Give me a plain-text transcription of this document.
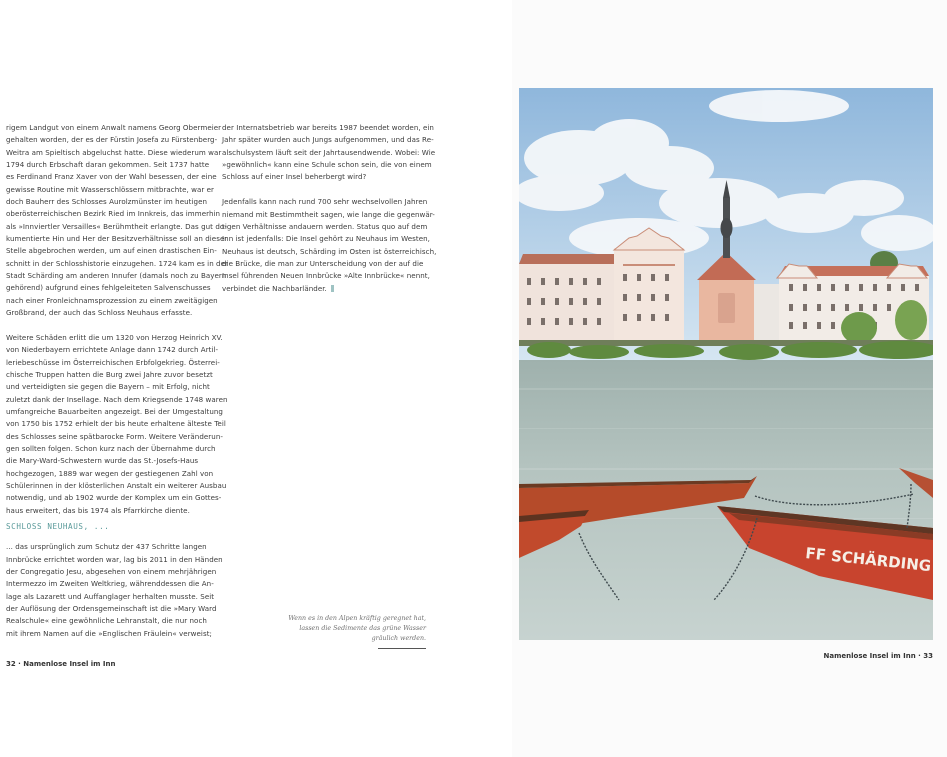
rigem Landgut von einem Anwalt namens Georg Obermeier

gehalten worden, der es der Fürstin Josefa zu Fürstenberg-

Weitra am Spieltisch abgeluchst hatte. Diese wiederum war

1794 durch Erbschaft daran gekommen. Seit 1737 hatte

es Ferdinand Franz Xaver von der Wahl besessen, der eine

gewisse Routine mit Wasserschlössern mitbrachte, war er

doch Bauherr des Schlosses Aurolzmünster im heutigen

oberösterreichischen Bezirk Ried im Innkreis, das immerhin

als »Innviertler Versailles« Berühmtheit erlangte. Das gut do-

kumentierte Hin und Her der Besitzverhältnisse soll an dieser

Stelle abgebrochen werden, um auf einen drastischen Ein-

schnitt in der Schlosshistorie einzugehen. 1724 kam es in der

Stadt Schärding am anderen Innufer (damals noch zu Bayern

gehörend) aufgrund eines fehlgeleiteten Salvenschusses

nach einer Fronleichnamsprozession zu einem zweitägigen

Großbrand, der auch das Schloss Neuhaus erfasste.

Weitere Schäden erlitt die um 1320 von Herzog Heinrich XV.

von Niederbayern errichtete Anlage dann 1742 durch Artil-

leriebeschüsse im Österreichischen Erbfolgekrieg. Österrei-

chische Truppen hatten die Burg zwei Jahre zuvor besetzt

und verteidigten sie gegen die Bayern – mit Erfolg, nicht

zuletzt dank der Insellage. Nach dem Kriegsende 1748 waren

umfangreiche Bauarbeiten angezeigt. Bei der Umgestaltung

von 1750 bis 1752 erhielt der bis heute erhaltene älteste Teil

des Schlosses seine spätbarocke Form. Weitere Veränderun-

gen sollten folgen. Schon kurz nach der Übernahme durch

die Mary-Ward-Schwestern wurde das St.-Josefs-Haus

hochgezogen, 1889 war wegen der gestiegenen Zahl von

Schülerinnen in der klösterlichen Anstalt ein weiterer Ausbau

notwendig, und ab 1902 wurde der Komplex um ein Gottes-

haus erweitert, das bis 1974 als Pfarrkirche diente.

SCHLOSS NEUHAUS, ...

... das ursprünglich zum Schutz der 437 Schritte langen

Innbrücke errichtet worden war, lag bis 2011 in den Händen

der Congregatio Jesu, abgesehen von einem mehrjährigen

Intermezzo im Zweiten Weltkrieg, währenddessen die An-

lage als Lazarett und Auffanglager herhalten musste. Seit

der Auflösung der Ordensgemeinschaft ist die »Mary Ward

Realschule« eine gewöhnliche Lehranstalt, die nur noch

mit ihrem Namen auf die »Englischen Fräulein« verweist;

der Internatsbetrieb war bereits 1987 beendet worden, ein

Jahr später wurden auch Jungs aufgenommen, und das Re-

alschulsystem läuft seit der Jahrtausendwende. Wobei: Wie

»gewöhnlich« kann eine Schule schon sein, die von einem

Schloss auf einer Insel beherbergt wird?

Jedenfalls kann nach rund 700 sehr wechselvollen Jahren

niemand mit Bestimmtheit sagen, wie lange die gegenwär-

tigen Verhältnisse andauern werden. Status quo auf dem

Inn ist jedenfalls: Die Insel gehört zu Neuhaus im Westen,

Neuhaus ist deutsch, Schärding im Osten ist österreichisch,

die Brücke, die man zur Unterscheidung von der auf die

Insel führenden Neuen Innbrücke »Alte Innbrücke« nennt,

verbindet die Nachbarländer.

Wenn es in den Alpen kräftig geregnet hat,

lassen die Sedimente das grüne Wasser

gräulich werden.

32 · Namenlose Insel im Inn
Namenlose Insel im Inn · 33
FF SCHÄRDING
